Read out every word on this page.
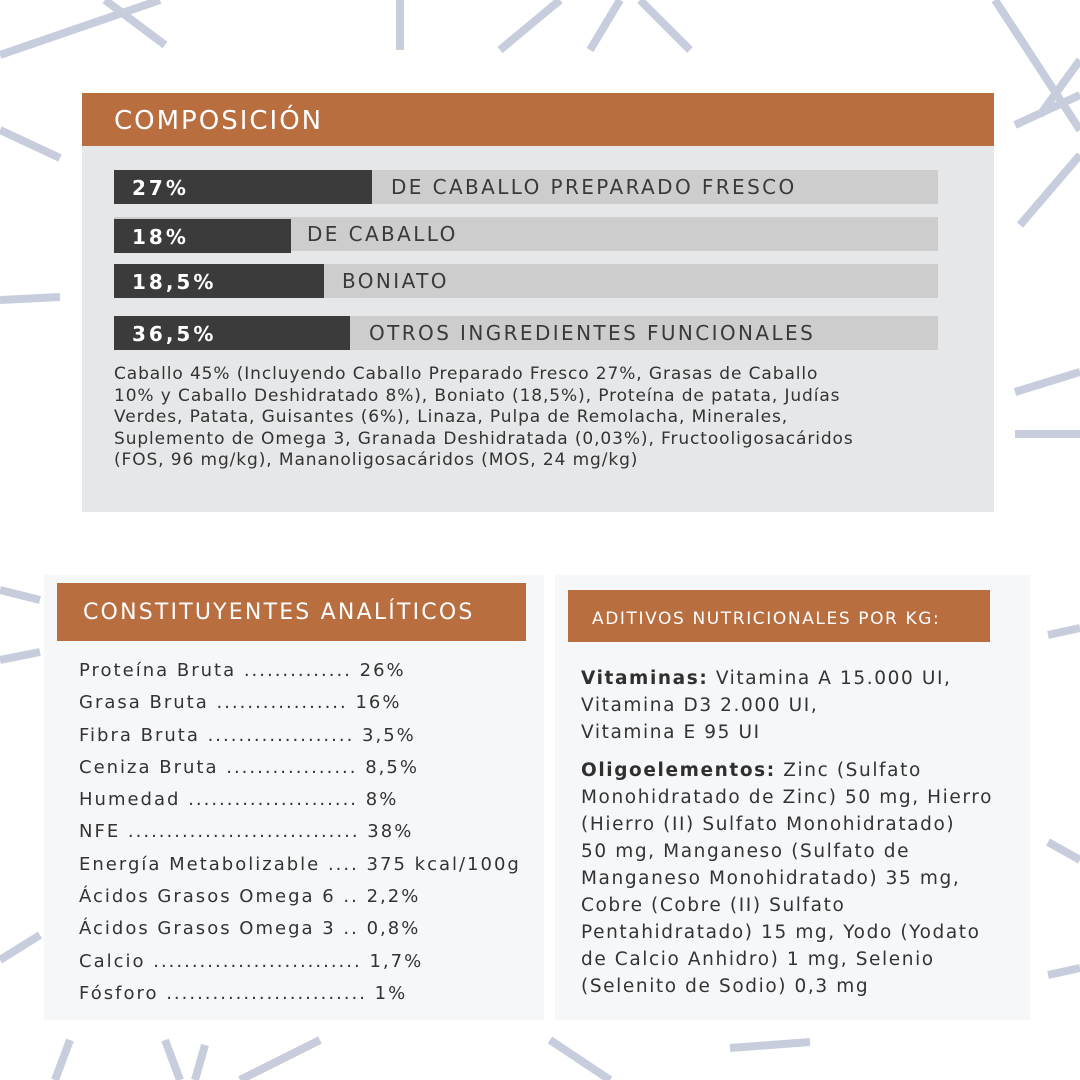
COMPOSICIÓN
27%	DE CABALLO PREPARADO FRESCO
18%	DE CABALLO
18,5%	BONIATO
36,5%	OTROS INGREDIENTES FUNCIONALES
Caballo 45% (Incluyendo Caballo Preparado Fresco 27%, Grasas de Caballo
10% y Caballo Deshidratado 8%), Boniato (18,5%), Proteína de patata, Judías
Verdes, Patata, Guisantes (6%), Linaza, Pulpa de Remolacha, Minerales,
Suplemento de Omega 3, Granada Deshidratada (0,03%), Fructooligosacáridos
(FOS, 96 mg/kg), Mananoligosacáridos (MOS, 24 mg/kg)
CONSTITUYENTES ANALÍTICOS
Proteína Bruta .............. 26%
Grasa Bruta ................. 16%
Fibra Bruta ................... 3,5%
Ceniza Bruta ................. 8,5%
Humedad ...................... 8%
NFE .............................. 38%
Energía Metabolizable .... 375 kcal/100g
Ácidos Grasos Omega 6 .. 2,2%
Ácidos Grasos Omega 3 .. 0,8%
Calcio ........................... 1,7%
Fósforo .......................... 1%
ADITIVOS NUTRICIONALES POR KG:
Vitaminas: Vitamina A 15.000 UI,
Vitamina D3 2.000 UI,
Vitamina E 95 UI
Oligoelementos: Zinc (Sulfato
Monohidratado de Zinc) 50 mg, Hierro
(Hierro (II) Sulfato Monohidratado)
50 mg, Manganeso (Sulfato de
Manganeso Monohidratado) 35 mg,
Cobre (Cobre (II) Sulfato
Pentahidratado) 15 mg, Yodo (Yodato
de Calcio Anhidro) 1 mg, Selenio
(Selenito de Sodio) 0,3 mg
